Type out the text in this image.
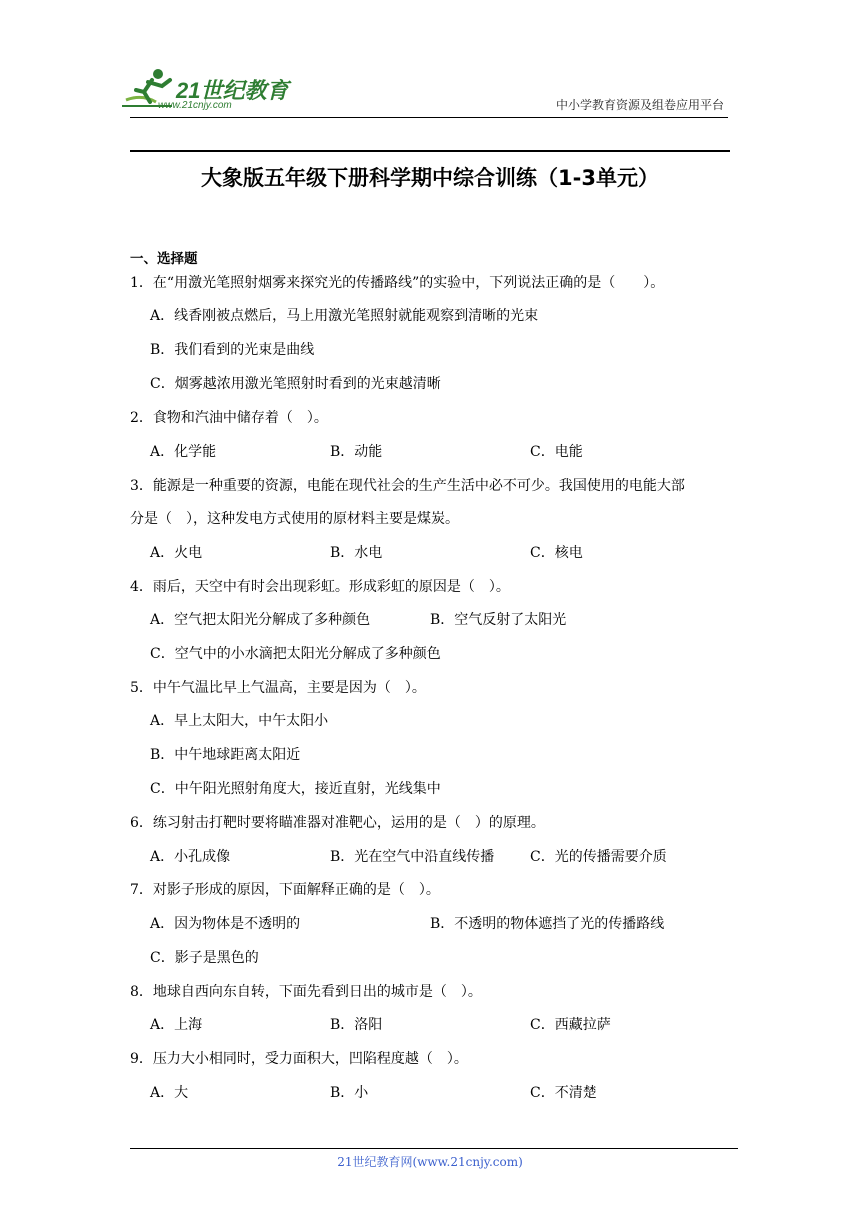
21世纪教育
www.21cnjy.com	中小学教育资源及组卷应用平台
大象版五年级下册科学期中综合训练（1-3单元）
一、选择题
1．在“用激光笔照射烟雾来探究光的传播路线”的实验中，下列说法正确的是（　　）。
A．线香刚被点燃后，马上用激光笔照射就能观察到清晰的光束
B．我们看到的光束是曲线
C．烟雾越浓用激光笔照射时看到的光束越清晰
2．食物和汽油中储存着（　）。
A．化学能	B．动能	C．电能
3．能源是一种重要的资源，电能在现代社会的生产生活中必不可少。我国使用的电能大部
分是（　），这种发电方式使用的原材料主要是煤炭。
A．火电	B．水电	C．核电
4．雨后，天空中有时会出现彩虹。形成彩虹的原因是（　）。
A．空气把太阳光分解成了多种颜色	B．空气反射了太阳光
C．空气中的小水滴把太阳光分解成了多种颜色
5．中午气温比早上气温高，主要是因为（　）。
A．早上太阳大，中午太阳小
B．中午地球距离太阳近
C．中午阳光照射角度大，接近直射，光线集中
6．练习射击打靶时要将瞄准器对准靶心，运用的是（　）的原理。
A．小孔成像	B．光在空气中沿直线传播	C．光的传播需要介质
7．对影子形成的原因，下面解释正确的是（　）。
A．因为物体是不透明的	B．不透明的物体遮挡了光的传播路线
C．影子是黑色的
8．地球自西向东自转，下面先看到日出的城市是（　）。
A．上海	B．洛阳	C．西藏拉萨
9．压力大小相同时，受力面积大，凹陷程度越（　）。
A．大	B．小	C．不清楚
21世纪教育网(www.21cnjy.com)
